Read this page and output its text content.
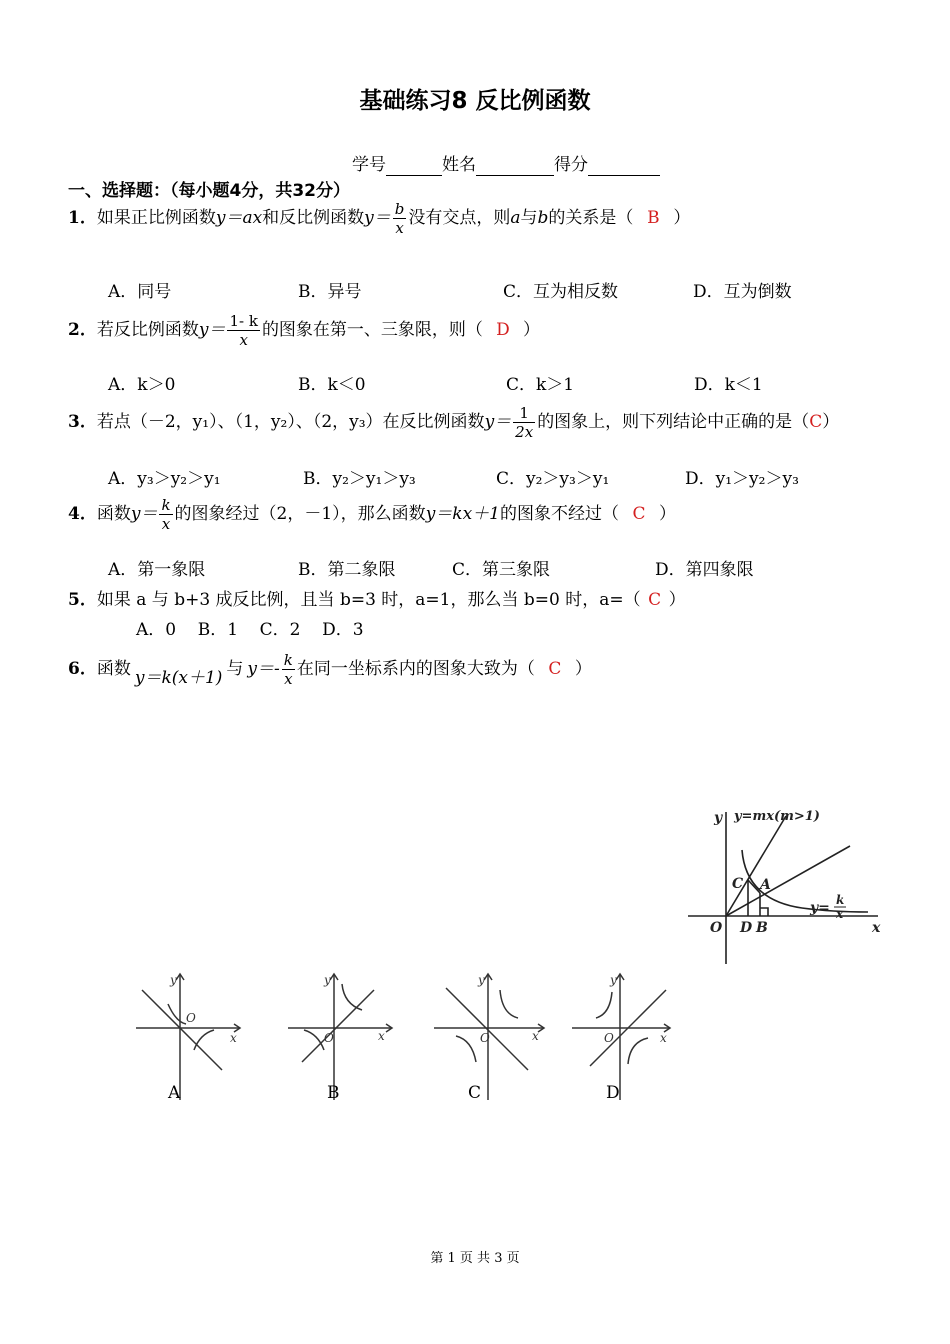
基础练习8 反比例函数
学号	姓名	得分
一、选择题：（每小题4分，共32分）
1．如果正比例函数y＝ax和反比例函数$y= \frac{b}{x}$ 没有交点，则a与b的关系是（ B ）
A．同号	B．异号	C．互为相反数	D．互为倒数
2．若反比例函数$y= \frac{1- k}{x}$ 的图象在第一、三象限，则（ D ）
A．k＞0	B．k＜0	C．k＞1	D．k＜1
3．若点（－2，y₁）、（1，y₂）、（2，y₃）在反比例函数$y= \frac{1}{2x}$ 的图象上，则下列结论中正确的是（C）
A．y₃＞y₂＞y₁	B．y₂＞y₁＞y₃	C．y₂＞y₃＞y₁	D．y₁＞y₂＞y₃
4．函数$y= \frac{k}{x}$ 的图象经过（2，－1），那么函数y＝kx＋1的图象不经过（ C ）
A．第一象限	B．第二象限	C．第三象限	D．第四象限
5．如果 a 与 b+3 成反比例，且当 b=3 时，a=1，那么当 b=0 时，a=（ C ）
A．0 B．1 C．2 D．3
6．函数 y＝k(x＋1) 与 $y=- \frac{k}{x}$ 在同一坐标系内的图象大致为（ C ）
y y=mx(m>1)
C A
y= k
x
O D B	x
y
x
O
A
y
x
O
B
y
x
O
C
y
x
O
D
第 1 页 共 3 页
